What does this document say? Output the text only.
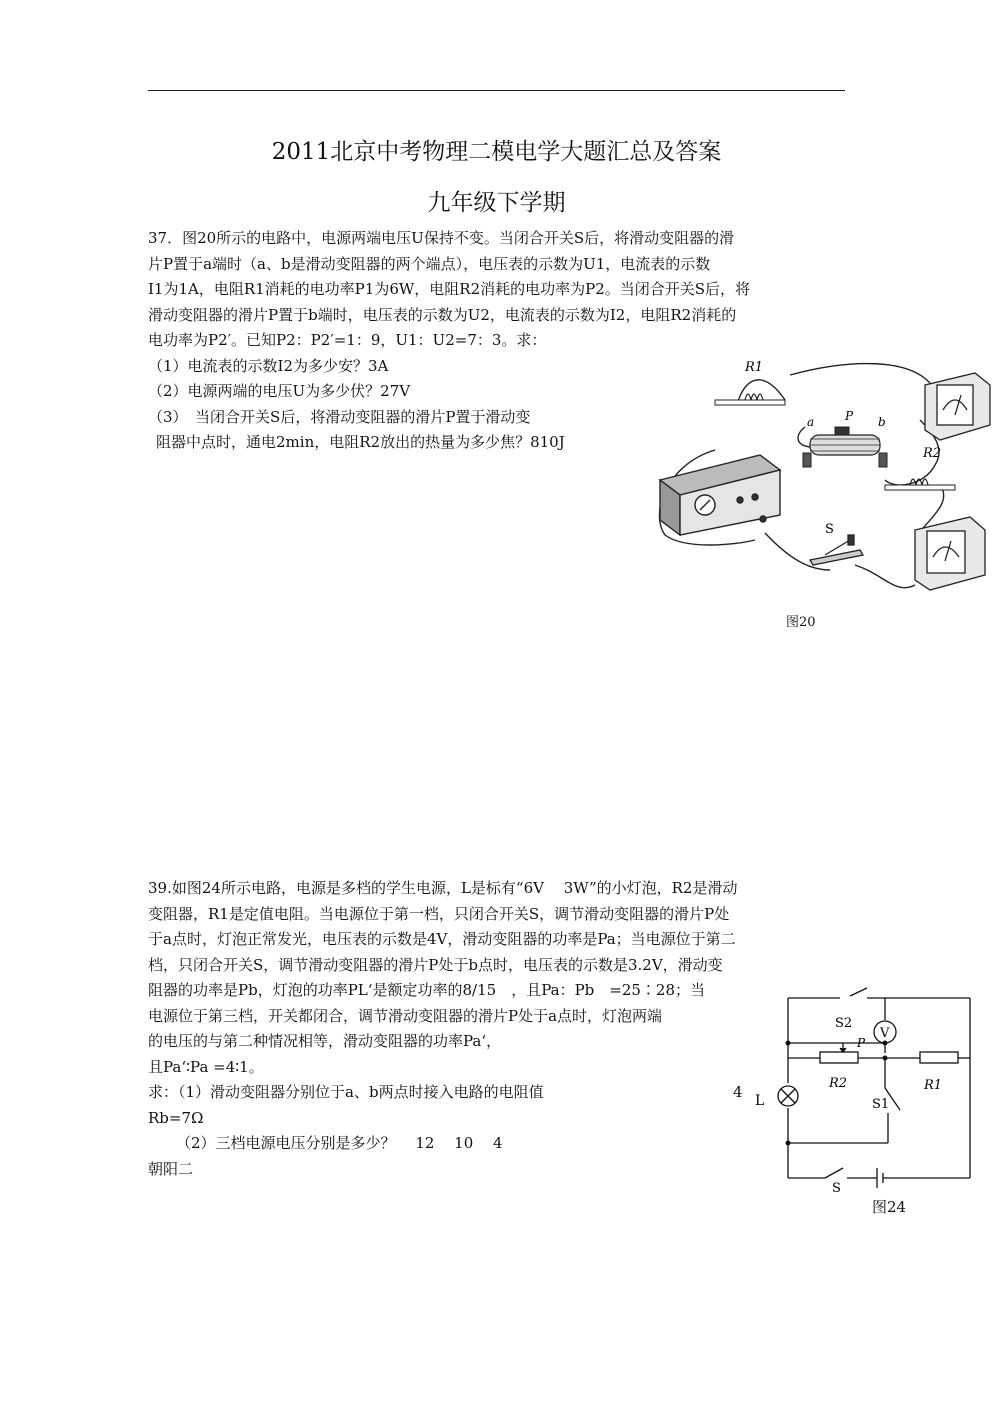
2011北京中考物理二模电学大题汇总及答案
九年级下学期
37．图20所示的电路中，电源两端电压U保持不变。当闭合开关S后，将滑动变阻器的滑
片P置于a端时（a、b是滑动变阻器的两个端点），电压表的示数为U1，电流表的示数
I1为1A，电阻R1消耗的电功率P1为6W，电阻R2消耗的电功率为P2。当闭合开关S后，将
滑动变阻器的滑片P置于b端时，电压表的示数为U2，电流表的示数为I2，电阻R2消耗的
电功率为P2′。已知P2：P2′=1：9，U1：U2=7：3。求：
（1）电流表的示数I2为多少安？3A
（2）电源两端的电压U为多少伏？27V
（3）　当闭合开关S后，将滑动变阻器的滑片P置于滑动变
阻器中点时，通电2min，电阻R2放出的热量为多少焦？810J
R1
a	P b
R2
S
图20
39.如图24所示电路，电源是多档的学生电源，L是标有“6V　 3W”的小灯泡，R2是滑动
变阻器，R1是定值电阻。当电源位于第一档，只闭合开关S，调节滑动变阻器的滑片P处
于a点时，灯泡正常发光，电压表的示数是4V，滑动变阻器的功率是Pa；当电源位于第二
档，只闭合开关S，调节滑动变阻器的滑片P处于b点时，电压表的示数是3.2V，滑动变
阻器的功率是Pb，灯泡的功率PL‘是额定功率的8/15　，且Pa：Pb　=25∶28；当
电源位于第三档，开关都闭合，调节滑动变阻器的滑片P处于a点时，灯泡两端
的电压的与第二种情况相等，滑动变阻器的功率Pa‘，
且Pa‘∶Pa =4∶1。
求：（1）滑动变阻器分别位于a、b两点时接入电路的电阻值	4
Rb=7Ω
（2）三档电源电压分别是多少？　 12　 10　 4
朝阳二
S2
V
P
R2	R1
L	S1
S
图24
